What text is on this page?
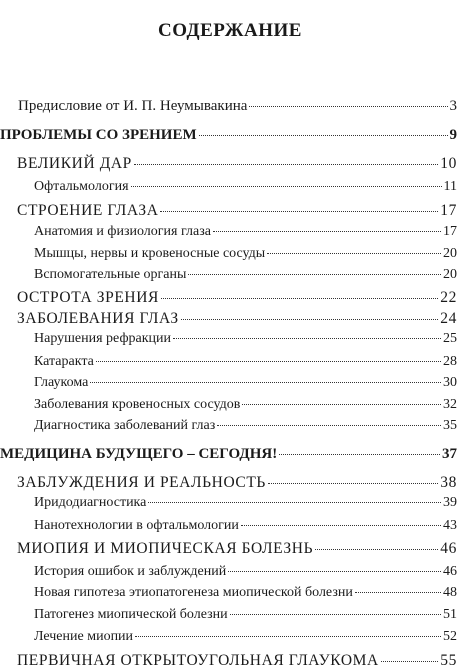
СОДЕРЖАНИЕ
Предисловие от И. П. Неумывакина	3
ПРОБЛЕМЫ СО ЗРЕНИЕМ	9
ВЕЛИКИЙ ДАР	10
Офтальмология	11
СТРОЕНИЕ ГЛАЗА	17
Анатомия и физиология глаза	17
Мышцы, нервы и кровеносные сосуды	20
Вспомогательные органы	20
ОСТРОТА ЗРЕНИЯ	22
ЗАБОЛЕВАНИЯ ГЛАЗ	24
Нарушения рефракции	25
Катаракта	28
Глаукома	30
Заболевания кровеносных сосудов	32
Диагностика заболеваний глаз	35
МЕДИЦИНА БУДУЩЕГО – СЕГОДНЯ!	37
ЗАБЛУЖДЕНИЯ И РЕАЛЬНОСТЬ	38
Иридодиагностика	39
Нанотехнологии в офтальмологии	43
МИОПИЯ И МИОПИЧЕСКАЯ БОЛЕЗНЬ	46
История ошибок и заблуждений	46
Новая гипотеза этиопатогенеза миопической болезни	48
Патогенез миопической болезни	51
Лечение миопии	52
ПЕРВИЧНАЯ ОТКРЫТОУГОЛЬНАЯ ГЛАУКОМА	55
